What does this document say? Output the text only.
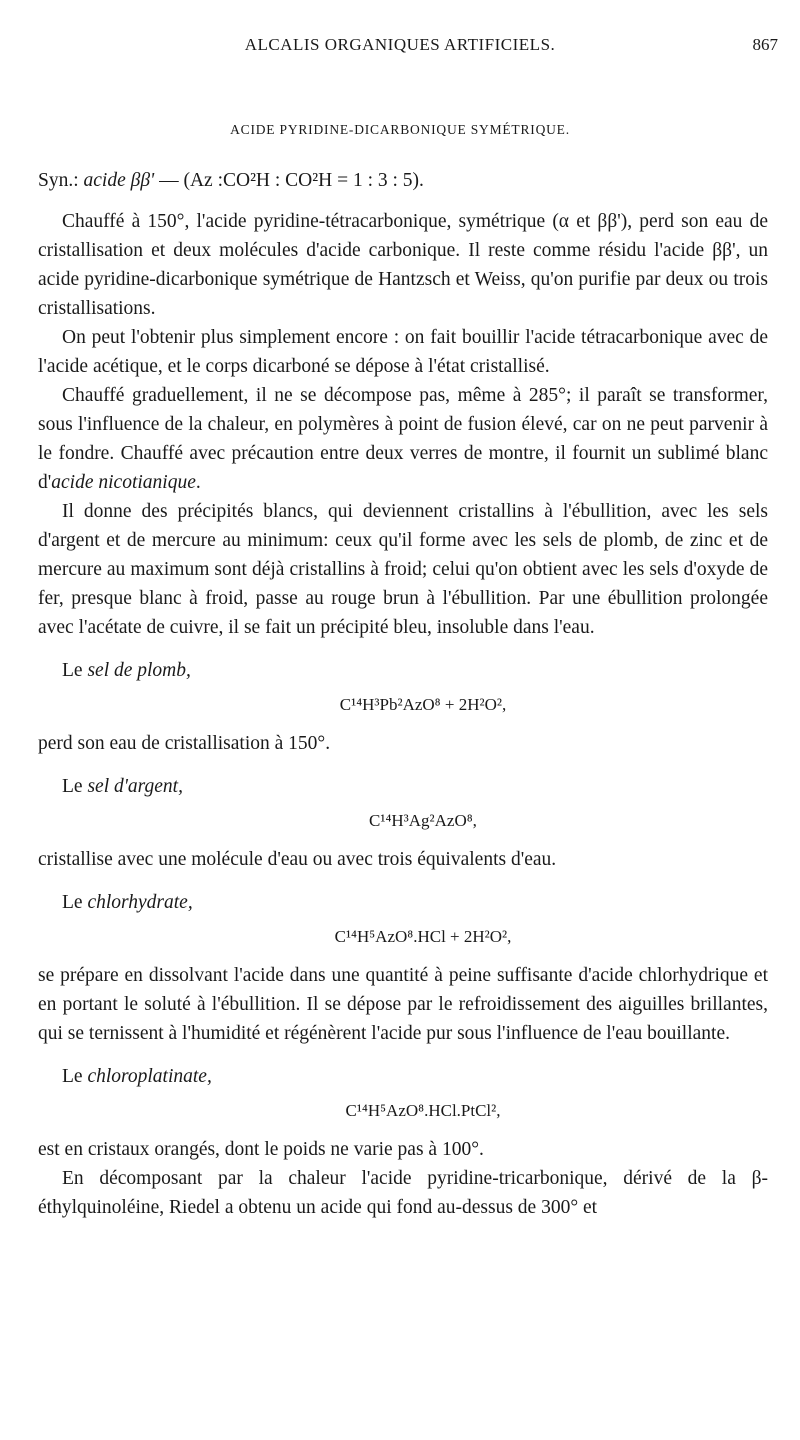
ALCALIS ORGANIQUES ARTIFICIELS.	867
ACIDE PYRIDINE-DICARBONIQUE SYMÉTRIQUE.
Syn.: acide ββ' — (Az :CO²H : CO²H = 1 : 3 : 5).

Chauffé à 150°, l'acide pyridine-tétracarbonique, symétrique (α et ββ'), perd son eau de cristallisation et deux molécules d'acide carbonique. Il reste comme résidu l'acide ββ', un acide pyridine-dicarbonique symétrique de Hantzsch et Weiss, qu'on purifie par deux ou trois cristallisations.

On peut l'obtenir plus simplement encore : on fait bouillir l'acide tétracarbonique avec de l'acide acétique, et le corps dicarboné se dépose à l'état cristallisé.

Chauffé graduellement, il ne se décompose pas, même à 285°; il paraît se transformer, sous l'influence de la chaleur, en polymères à point de fusion élevé, car on ne peut parvenir à le fondre. Chauffé avec précaution entre deux verres de montre, il fournit un sublimé blanc d'acide nicotianique.

Il donne des précipités blancs, qui deviennent cristallins à l'ébullition, avec les sels d'argent et de mercure au minimum: ceux qu'il forme avec les sels de plomb, de zinc et de mercure au maximum sont déjà cristallins à froid; celui qu'on obtient avec les sels d'oxyde de fer, presque blanc à froid, passe au rouge brun à l'ébullition. Par une ébullition prolongée avec l'acétate de cuivre, il se fait un précipité bleu, insoluble dans l'eau.

Le sel de plomb,
C¹⁴H³Pb²AzO⁸ + 2H²O²,

perd son eau de cristallisation à 150°.

Le sel d'argent,
C¹⁴H³Ag²AzO⁸,

cristallise avec une molécule d'eau ou avec trois équivalents d'eau.

Le chlorhydrate,
C¹⁴H⁵AzO⁸.HCl + 2H²O²,

se prépare en dissolvant l'acide dans une quantité à peine suffisante d'acide chlorhydrique et en portant le soluté à l'ébullition. Il se dépose par le refroidissement des aiguilles brillantes, qui se ternissent à l'humidité et régénèrent l'acide pur sous l'influence de l'eau bouillante.

Le chloroplatinate,
C¹⁴H⁵AzO⁸.HCl.PtCl²,

est en cristaux orangés, dont le poids ne varie pas à 100°.

En décomposant par la chaleur l'acide pyridine-tricarbonique, dérivé de la β-éthylquinoléine, Riedel a obtenu un acide qui fond au-dessus de 300° et
